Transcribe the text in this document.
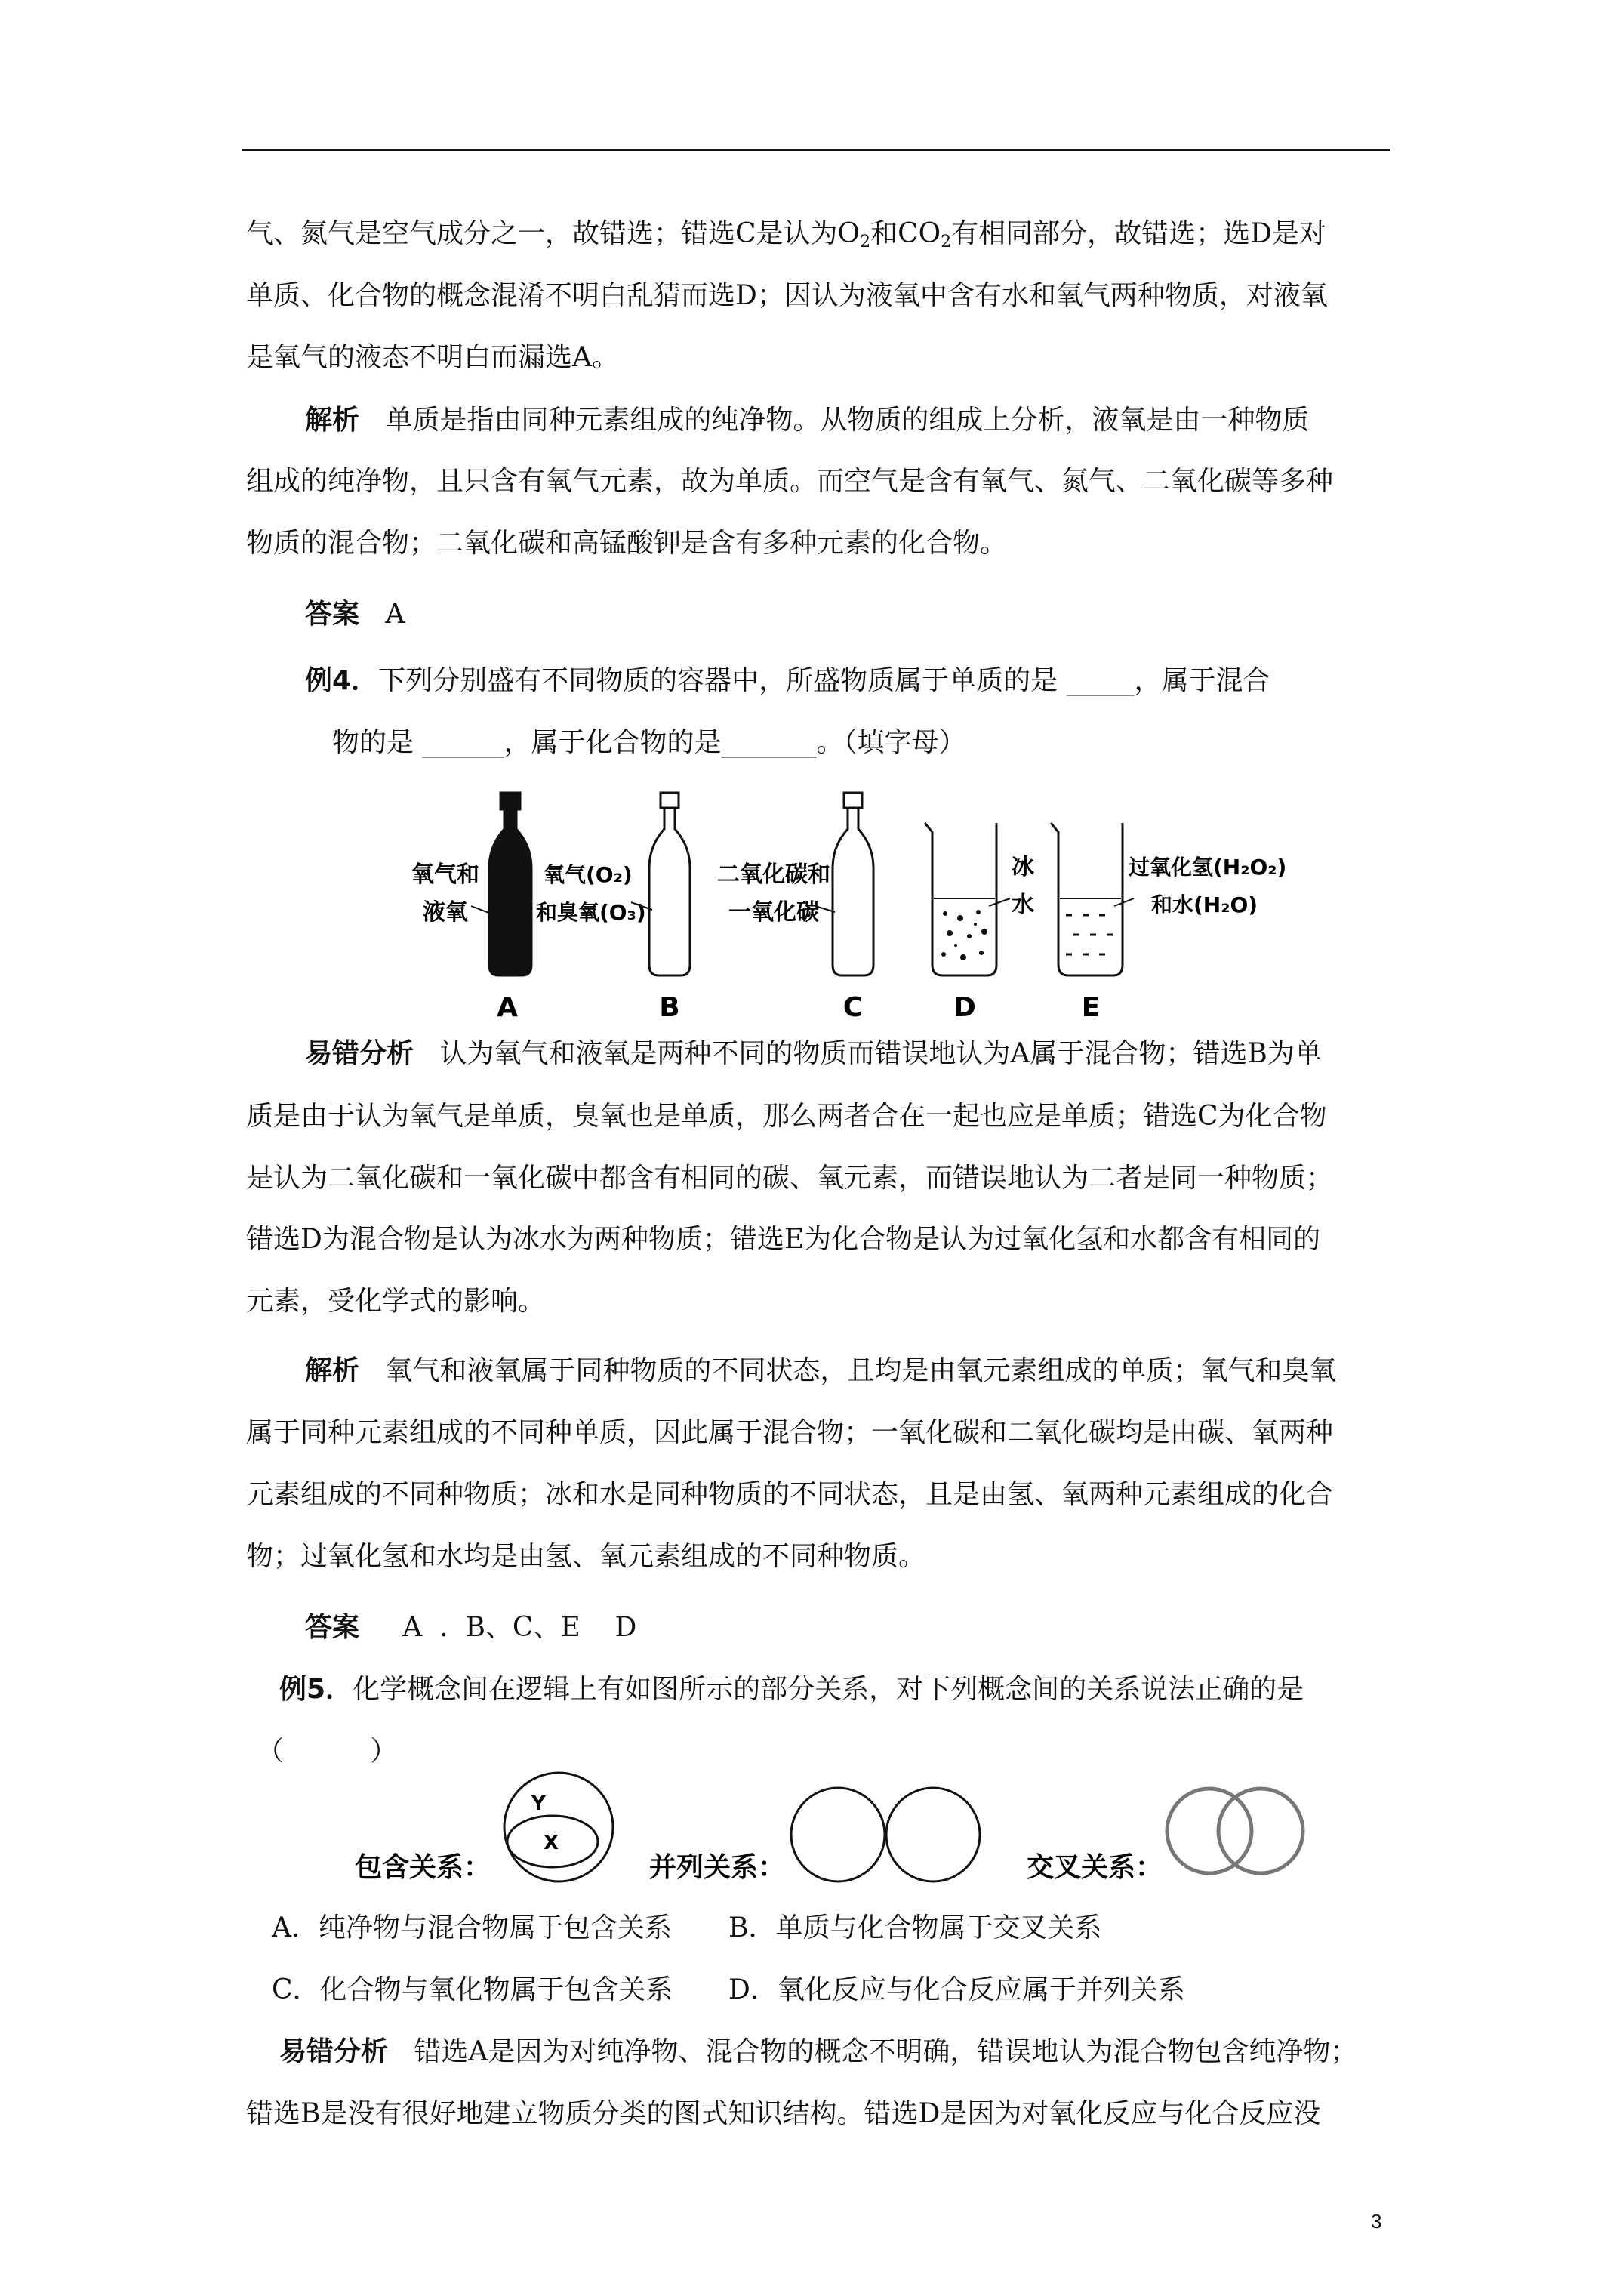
气、氮气是空气成分之一，故错选；错选C是认为$O_2$和$CO_2$有相同部分，故错选；选D是对
单质、化合物的概念混淆不明白乱猜而选D；因认为液氧中含有水和氧气两种物质，对液氧
是氧气的液态不明白而漏选A。
解析 单质是指由同种元素组成的纯净物。从物质的组成上分析，液氧是由一种物质
组成的纯净物，且只含有氧气元素，故为单质。而空气是含有氧气、氮气、二氧化碳等多种
物质的混合物；二氧化碳和高锰酸钾是含有多种元素的化合物。
答案 A
例4．下列分别盛有不同物质的容器中，所盛物质属于单质的是 _____，属于混合
物的是 ______，属于化合物的是_______。（填字母）
氧气和
液氧
A
氧气(O₂)
和臭氧(O₃)
B
二氧化碳和
一氧化碳
C
冰
水
D
过氧化氢(H₂O₂)
和水(H₂O)
E
易错分析 认为氧气和液氧是两种不同的物质而错误地认为A属于混合物；错选B为单
质是由于认为氧气是单质，臭氧也是单质，那么两者合在一起也应是单质；错选C为化合物
是认为二氧化碳和一氧化碳中都含有相同的碳、氧元素，而错误地认为二者是同一种物质；
错选D为混合物是认为冰水为两种物质；错选E为化合物是认为过氧化氢和水都含有相同的
元素，受化学式的影响。
解析 氧气和液氧属于同种物质的不同状态，且均是由氧元素组成的单质；氧气和臭氧
属于同种元素组成的不同种单质，因此属于混合物；一氧化碳和二氧化碳均是由碳、氧两种
元素组成的不同种物质；冰和水是同种物质的不同状态，且是由氢、氧两种元素组成的化合
物；过氧化氢和水均是由氢、氧元素组成的不同种物质。
答案 A  .  B、C、E    D
例5．化学概念间在逻辑上有如图所示的部分关系，对下列概念间的关系说法正确的是
（          ）
包含关系：
Y
X
并列关系：	交叉关系：
A．纯净物与混合物属于包含关系 B．单质与化合物属于交叉关系
C．化合物与氧化物属于包含关系 D．氧化反应与化合反应属于并列关系
易错分析 错选A是因为对纯净物、混合物的概念不明确，错误地认为混合物包含纯净物；
错选B是没有很好地建立物质分类的图式知识结构。错选D是因为对氧化反应与化合反应没
3
